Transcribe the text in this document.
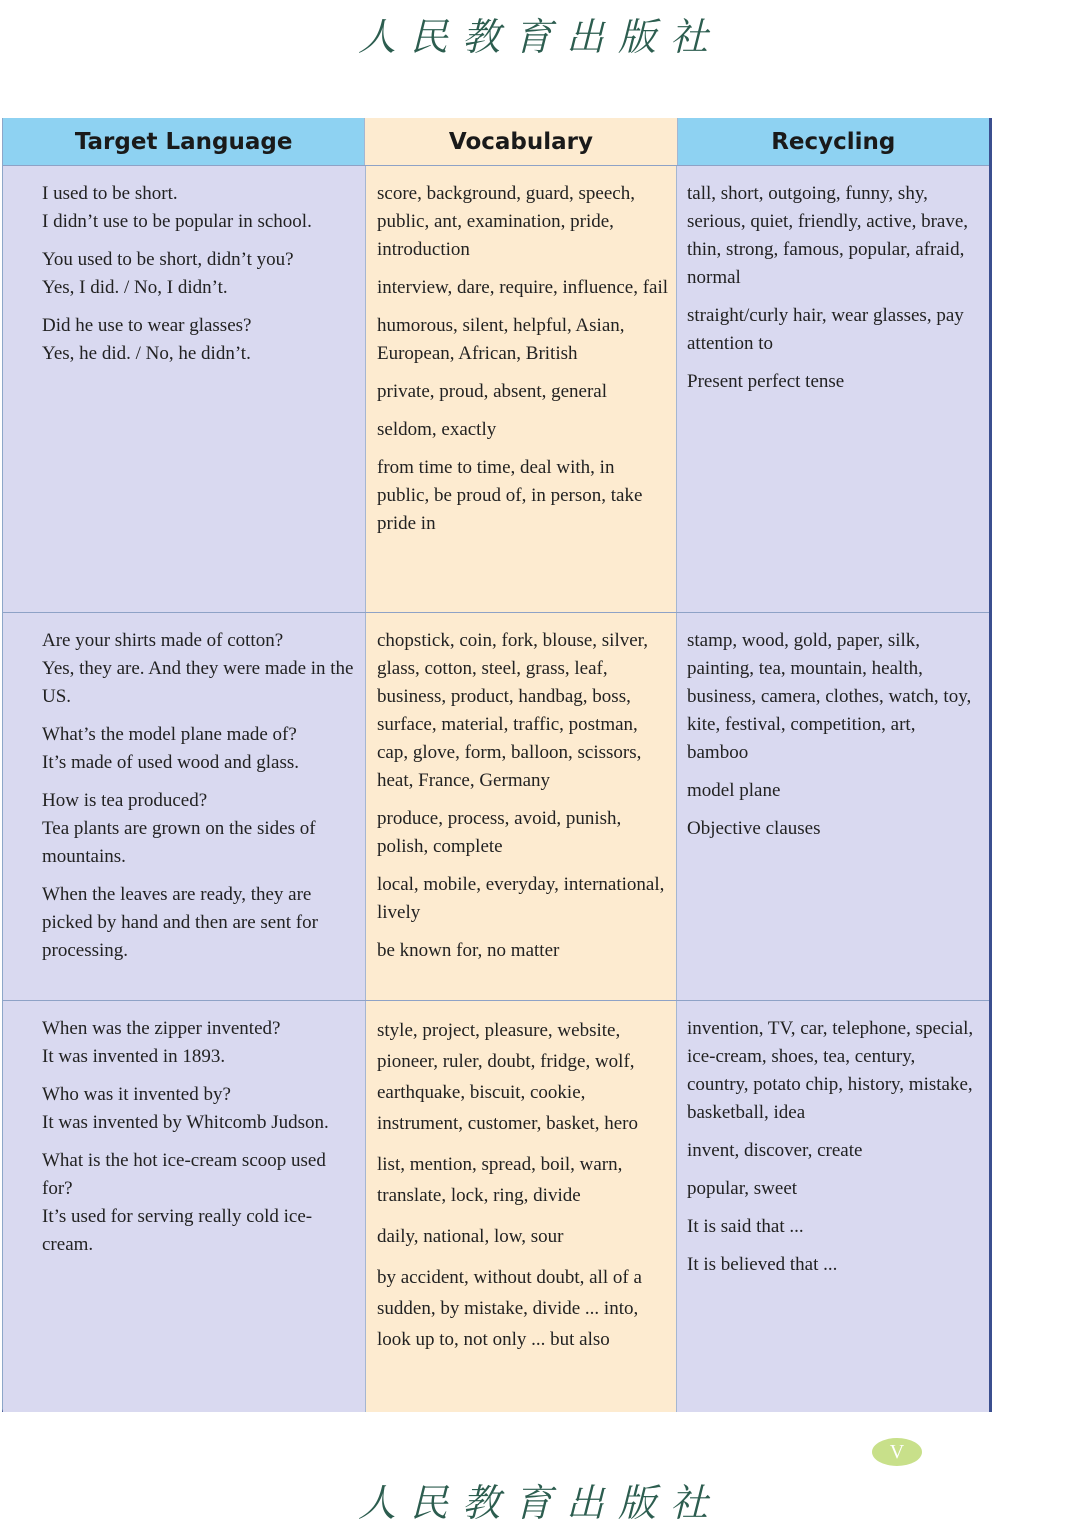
人民教育出版社
Target Language	Vocabulary	Recycling
I used to be short.
I didn’t use to be popular in school.
You used to be short, didn’t you?
Yes, I did. / No, I didn’t.
Did he use to wear glasses?
Yes, he did. / No, he didn’t.
score, background, guard, speech, public, ant, examination, pride, introduction
interview, dare, require, influence, fail
humorous, silent, helpful, Asian, European, African, British
private, proud, absent, general
seldom, exactly
from time to time, deal with, in public, be proud of, in person, take pride in
tall, short, outgoing, funny, shy, serious, quiet, friendly, active, brave, thin, strong, famous, popular, afraid, normal
straight/curly hair, wear glasses, pay attention to
Present perfect tense
Are your shirts made of cotton?
Yes, they are. And they were made in the US.
What’s the model plane made of?
It’s made of used wood and glass.
How is tea produced?
Tea plants are grown on the sides of mountains.
When the leaves are ready, they are picked by hand and then are sent for processing.
chopstick, coin, fork, blouse, silver, glass, cotton, steel, grass, leaf, business, product, handbag, boss, surface, material, traffic, postman, cap, glove, form, balloon, scissors, heat, France, Germany
produce, process, avoid, punish, polish, complete
local, mobile, everyday, international, lively
be known for, no matter
stamp, wood, gold, paper, silk, painting, tea, mountain, health, business, camera, clothes, watch, toy, kite, festival, competition, art, bamboo
model plane
Objective clauses
When was the zipper invented?
It was invented in 1893.
Who was it invented by?
It was invented by Whitcomb Judson.
What is the hot ice-cream scoop used for?
It’s used for serving really cold ice-cream.
style, project, pleasure, website, pioneer, ruler, doubt, fridge, wolf, earthquake, biscuit, cookie, instrument, customer, basket, hero
list, mention, spread, boil, warn, translate, lock, ring, divide
daily, national, low, sour
by accident, without doubt, all of a sudden, by mistake, divide ... into, look up to, not only ... but also
invention, TV, car, telephone, special, ice-cream, shoes, tea, century, country, potato chip, history, mistake, basketball, idea
invent, discover, create
popular, sweet
It is said that ...
It is believed that ...
V
人民教育出版社
